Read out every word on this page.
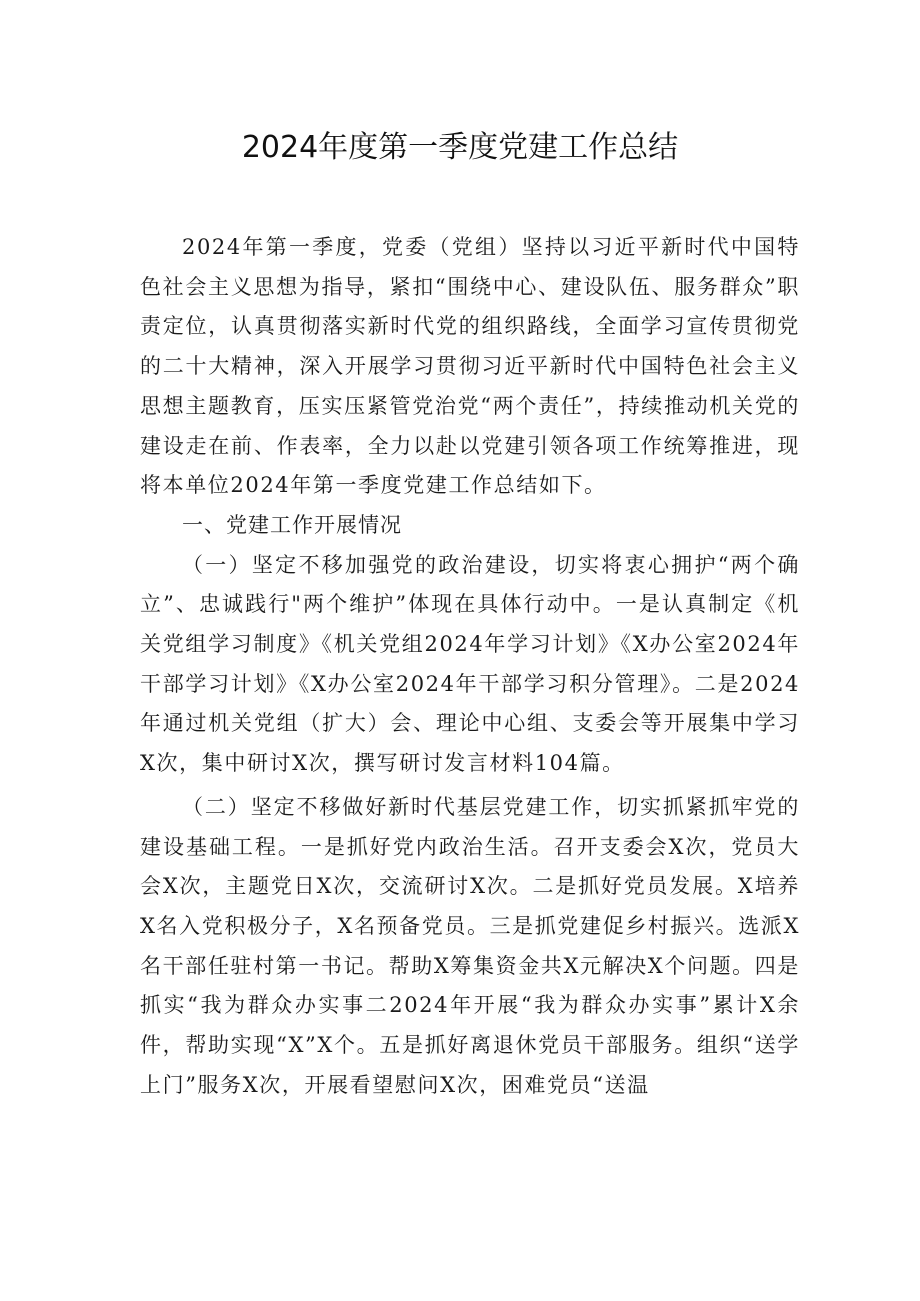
2024年度第一季度党建工作总结

2024年第一季度，党委（党组）坚持以习近平新时代中国特色社会主义思想为指导，紧扣“围绕中心、建设队伍、服务群众”职责定位，认真贯彻落实新时代党的组织路线，全面学习宣传贯彻党的二十大精神，深入开展学习贯彻习近平新时代中国特色社会主义思想主题教育，压实压紧管党治党“两个责任”，持续推动机关党的建设走在前、作表率，全力以赴以党建引领各项工作统筹推进，现将本单位2024年第一季度党建工作总结如下。

一、党建工作开展情况

（一）坚定不移加强党的政治建设，切实将衷心拥护“两个确立”、忠诚践行"两个维护”体现在具体行动中。一是认真制定《机关党组学习制度》《机关党组2024年学习计划》《X办公室2024年干部学习计划》《X办公室2024年干部学习积分管理》。二是2024年通过机关党组（扩大）会、理论中心组、支委会等开展集中学习X次，集中研讨X次，撰写研讨发言材料104篇。

（二）坚定不移做好新时代基层党建工作，切实抓紧抓牢党的建设基础工程。一是抓好党内政治生活。召开支委会X次，党员大会X次，主题党日X次，交流研讨X次。二是抓好党员发展。X培养X名入党积极分子，X名预备党员。三是抓党建促乡村振兴。选派X名干部任驻村第一书记。帮助X筹集资金共X元解决X个问题。四是抓实“我为群众办实事二2024年开展“我为群众办实事”累计X余件，帮助实现“X”X个。五是抓好离退休党员干部服务。组织“送学上门”服务X次，开展看望慰问X次，困难党员“送温
